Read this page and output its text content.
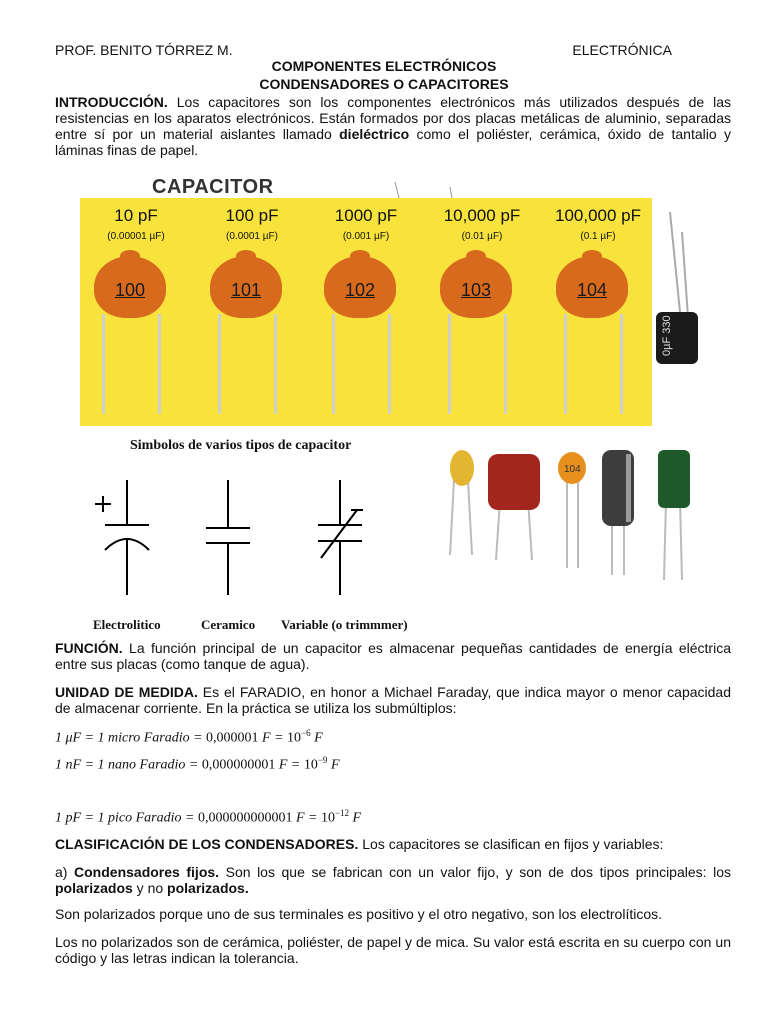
PROF. BENITO TÓRREZ M.	ELECTRÓNICA
COMPONENTES ELECTRÓNICOS
CONDENSADORES O CAPACITORES
INTRODUCCIÓN. Los capacitores son los componentes electrónicos más utilizados después de las resistencias en los aparatos electrónicos. Están formados por dos placas metálicas de aluminio, separadas entre sí por un material aislantes llamado dieléctrico como el poliéster, cerámica, óxido de tantalio y láminas finas de papel.
CAPACITOR
0µF 330
10 pF
(0.00001 µF)
100
100 pF
(0.0001 µF)
101
1000 pF
(0.001 µF)
102
10,000 pF
(0.01 µF)
103
100,000 pF
(0.1 µF)
104
Simbolos de varios tipos de capacitor
Electrolitico	Ceramico Variable (o trimmmer)
104
FUNCIÓN. La función principal de un capacitor es almacenar pequeñas cantidades de energía eléctrica entre sus placas (como tanque de agua).
UNIDAD DE MEDIDA. Es el FARADIO, en honor a Michael Faraday, que indica mayor o menor capacidad de almacenar corriente. En la práctica se utiliza los submúltiplos:
1 μF = 1 micro Faradio = 0,000001 $F = 10^{-6}$ F
1 nF = 1 nano Faradio = 0,000000001 $F = 10^{-9}$ F
1 pF = 1 pico Faradio = 0,000000000001 $F = 10^{-12}$ F
CLASIFICACIÓN DE LOS CONDENSADORES. Los capacitores se clasifican en fijos y variables:
a) Condensadores fijos. Son los que se fabrican con un valor fijo, y son de dos tipos principales: los polarizados y no polarizados.
Son polarizados porque uno de sus terminales es positivo y el otro negativo, son los electrolíticos.
Los no polarizados son de cerámica, poliéster, de papel y de mica. Su valor está escrita en su cuerpo con un código y las letras indican la tolerancia.
